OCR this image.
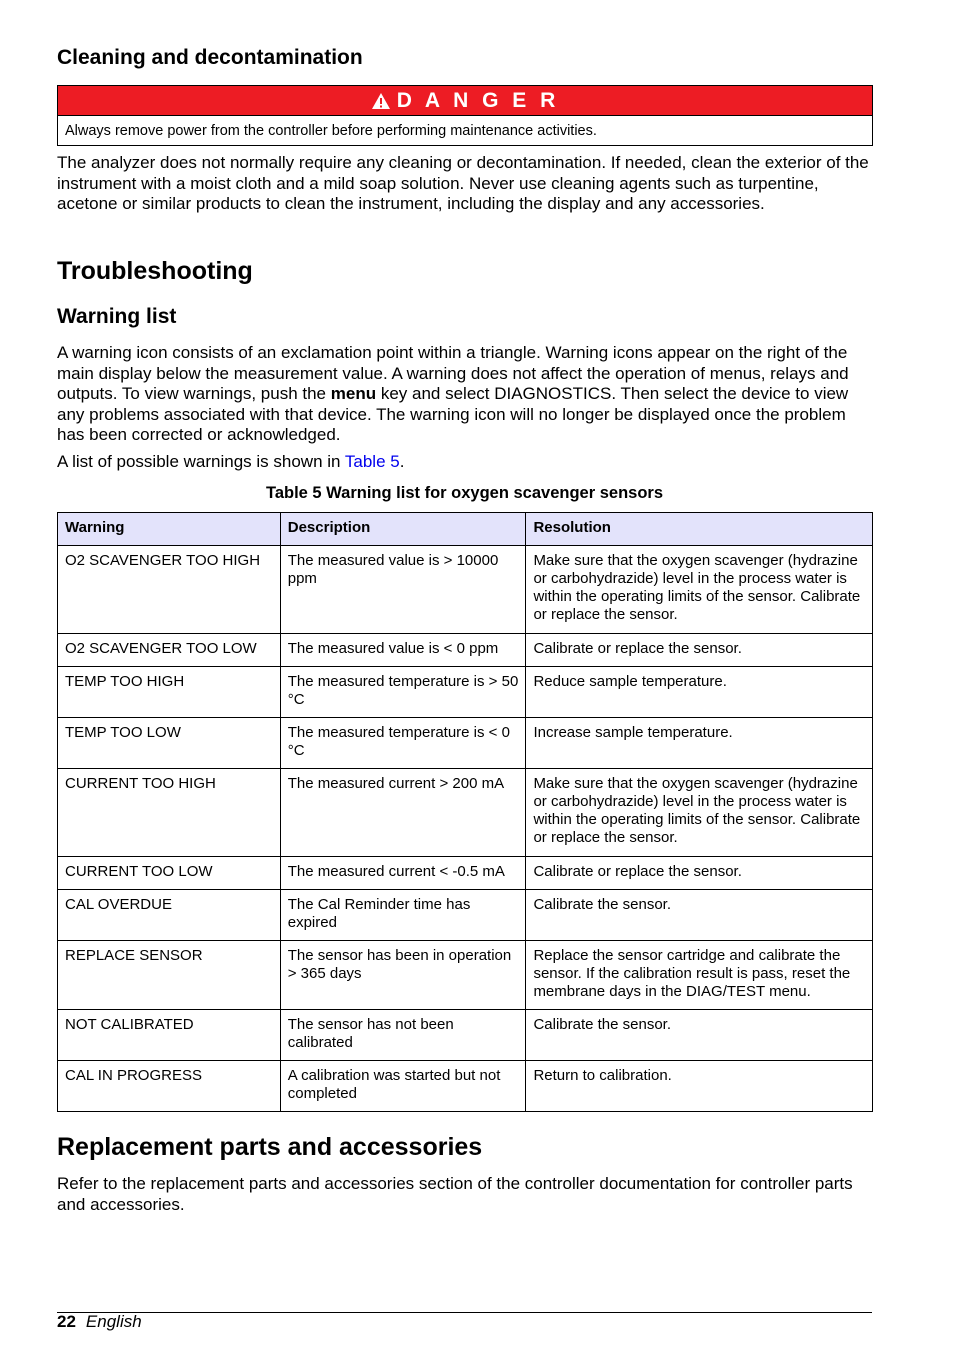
Cleaning and decontamination
D A N G E R
Always remove power from the controller before performing maintenance activities.

The analyzer does not normally require any cleaning or decontamination. If needed, clean the exterior of the instrument with a moist cloth and a mild soap solution. Never use cleaning agents such as turpentine, acetone or similar products to clean the instrument, including the display and any accessories.

Troubleshooting
Warning list

A warning icon consists of an exclamation point within a triangle. Warning icons appear on the right of the main display below the measurement value. A warning does not affect the operation of menus, relays and outputs. To view warnings, push the menu key and select DIAGNOSTICS. Then select the device to view any problems associated with that device. The warning icon will no longer be displayed once the problem has been corrected or acknowledged.

A list of possible warnings is shown in Table 5.

Table 5 Warning list for oxygen scavenger sensors
Warning	Description	Resolution
O2 SCAVENGER TOO HIGH	The measured value is > 10000 ppm	Make sure that the oxygen scavenger (hydrazine or carbohydrazide) level in the process water is within the operating limits of the sensor. Calibrate or replace the sensor.
O2 SCAVENGER TOO LOW	The measured value is < 0 ppm	Calibrate or replace the sensor.
TEMP TOO HIGH	The measured temperature is > 50 °C	Reduce sample temperature.
TEMP TOO LOW	The measured temperature is < 0 °C	Increase sample temperature.
CURRENT TOO HIGH	The measured current > 200 mA	Make sure that the oxygen scavenger (hydrazine or carbohydrazide) level in the process water is within the operating limits of the sensor. Calibrate or replace the sensor.
CURRENT TOO LOW	The measured current < -0.5 mA	Calibrate or replace the sensor.
CAL OVERDUE	The Cal Reminder time has expired	Calibrate the sensor.
REPLACE SENSOR	The sensor has been in operation > 365 days	Replace the sensor cartridge and calibrate the sensor. If the calibration result is pass, reset the membrane days in the DIAG/TEST menu.
NOT CALIBRATED	The sensor has not been calibrated	Calibrate the sensor.
CAL IN PROGRESS	A calibration was started but not completed	Return to calibration.
Replacement parts and accessories

Refer to the replacement parts and accessories section of the controller documentation for controller parts and accessories.

22 English
